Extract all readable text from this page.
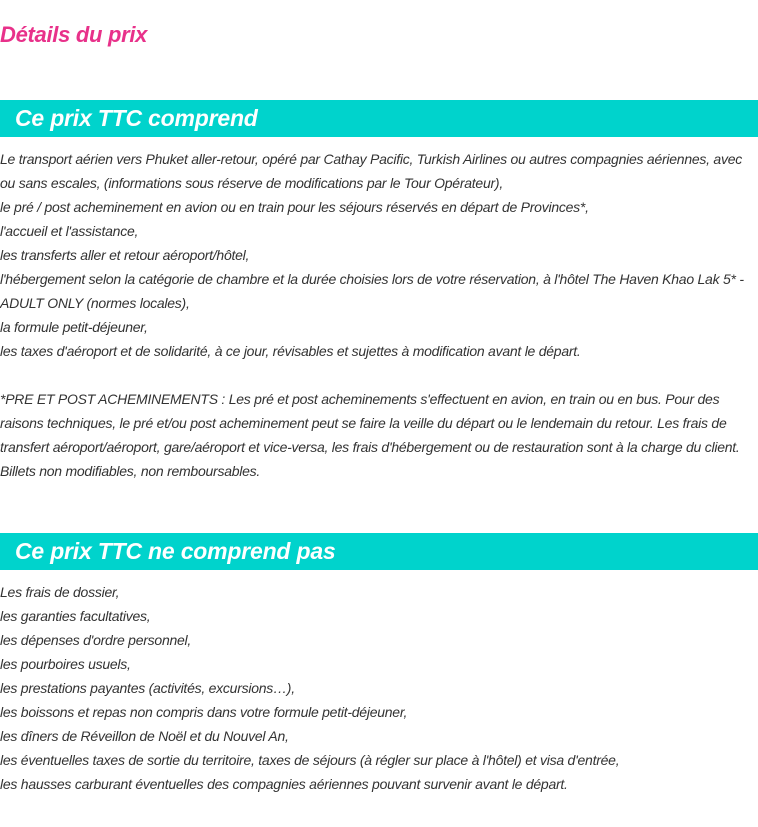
Détails du prix
Ce prix TTC comprend

Le transport aérien vers Phuket aller-retour, opéré par Cathay Pacific, Turkish Airlines ou autres compagnies aériennes, avec ou sans escales, (informations sous réserve de modifications par le Tour Opérateur),

le pré / post acheminement en avion ou en train pour les séjours réservés en départ de Provinces*,

l'accueil et l'assistance,

les transferts aller et retour aéroport/hôtel,

l'hébergement selon la catégorie de chambre et la durée choisies lors de votre réservation, à l'hôtel The Haven Khao Lak 5* - ADULT ONLY (normes locales),

la formule petit-déjeuner,

les taxes d'aéroport et de solidarité, à ce jour, révisables et sujettes à modification avant le départ.

*PRE ET POST ACHEMINEMENTS : Les pré et post acheminements s'effectuent en avion, en train ou en bus. Pour des raisons techniques, le pré et/ou post acheminement peut se faire la veille du départ ou le lendemain du retour. Les frais de transfert aéroport/aéroport, gare/aéroport et vice-versa, les frais d'hébergement ou de restauration sont à la charge du client. Billets non modifiables, non remboursables.

Ce prix TTC ne comprend pas

Les frais de dossier,

les garanties facultatives,

les dépenses d'ordre personnel,

les pourboires usuels,

les prestations payantes (activités, excursions…),

les boissons et repas non compris dans votre formule petit-déjeuner,

les dîners de Réveillon de Noël et du Nouvel An,

les éventuelles taxes de sortie du territoire, taxes de séjours (à régler sur place à l'hôtel) et visa d'entrée,

les hausses carburant éventuelles des compagnies aériennes pouvant survenir avant le départ.
